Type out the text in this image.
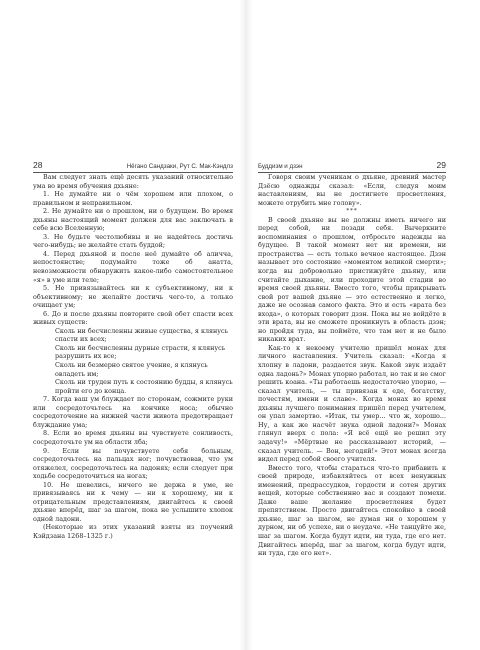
28	Нёгано Сандзаки, Рут С. Мак-Кэндлз

Вам следует знать ещё десять указаний относительно ума во время обучения дхьяне:

1. Не думайте ни о чём хорошем или плохом, о правильном и неправильном.

2. Не думайте ни о прошлом, ни о будущем. Во время дхьяны настоящий момент должен для вас заключать в себе всю Вселенную;

3. Не будьте честолюбивы и не надейтесь достичь чего-нибудь; не желайте стать буддой;

4. Перед дхьяной и после неё думайте об аличча, непостоянстве; подумайте тоже об анатта, невозможности обнаружить какое-либо самостоятельное «я» в уме или теле;

5. Не привязывайтесь ни к субъективному, ни к объективному; не желайте достичь чего-то, а только очищает ум;

6. До и после дхьяны повторите свой обет спасти всех живых существ:

Сколь ни бесчисленны живые существа, я клянусь спасти их всех;

Сколь ни бесчисленны дурные страсти, я клянусь разрушить их все;

Сколь ни безмерно святое учение, я клянусь овладеть им;

Сколь ни труден путь к состоянию будды, я клянусь пройти его до конца.

7. Когда ваш ум блуждает по сторонам, сожмите руки или сосредоточьтесь на кончике носа; обычно сосредоточение на нижней части живота предотвращает блуждание ума;

8. Если во время дхьяны вы чувствуете сонливость, сосредоточьте ум на области лба;

9. Если вы почувствуете себя больным, сосредоточьтесь на пальцах ног; почувствовав, что ум отяжелел, сосредоточьтесь на ладонях; если следует при ходьбе сосредоточиться на ногах;

10. Не шевелись, ничего не держа в уме, не привязываясь ни к чему — ни к хорошему, ни к отрицательным представлениям, двигайтесь к своей дхьяне вперёд, шаг за шагом, пока не услышите хлопок одной ладони.

(Некоторые из этих указаний взяты из поучений Кэйдзана 1268–1325 г.)

Буддизм и дзэн	29

Говоря своим ученикам о дхьяне, древний мастер Дзёсю однажды сказал: «Если, следуя моим наставлениям, вы не достигнете просветления, можете отрубить мне голову».

***

В своей дхьяне вы не должны иметь ничего ни перед собой, ни позади себя. Вычеркните воспоминания о прошлом, отбросьте надежды на будущее. В такой момент нет ни времени, ни пространства — есть только вечное настоящее. Дзэн называет это состояние «моментом великой смерти»; когда вы добровольно пристижуйте дхьяну, или считайте дыхание, или проходите этой стадии во время своей дхьяны. Вместо того, чтобы прикрывать свой рот вашей дхьяне — это естественно и легко, даже не осознав самого факта. Это и есть «врата без входа», о которых говорит дзэн. Пока вы не войдёте в эти врата, вы не сможете проникнуть в область дзэн; но пройдя туда, вы поймёте, что там нет и не было никаких врат.

Как-то к некоему учителю пришёл монах для личного наставления. Учитель сказал: «Когда я хлопну в ладони, раздается звук. Какой звук издаёт одна ладонь?» Монах упорно работал, но так и не смог решить коана. «Ты работаешь недостаточно упорно, — сказал учитель, — ты привязан к еде, богатству, почестям, имени и славе». Когда монах во время дхьяны лучшего понимания пришёл перед учителем, он упал замертво. «Итак, ты умер... что ж, хорошо... Ну, а как же насчёт звука одной ладони?» Монах глянул вверх с пола: «Я всё ещё не решил эту задачу!» «Мёртвые не рассказывают историй, — сказал учитель. — Вон, негодяй!» Этот монах всегда видел перед собой своего учителя.

Вместо того, чтобы стараться что-то прибавить к своей природе, избавляйтесь от всех ненужных именений, предрассудков, гордости и сотен других вещей, которые собственнно вас и создают помехи. Даже ваше желание просветления будет препятствием. Просто двигайтесь спокойно в своей дхьяне, шаг за шагом, не думая ни о хорошем у дурном, ни об успехе, ни о неудаче. «Не танцуйте же, шаг за шагом. Когда будут идти, ни туда, где его нет. Двигайтесь вперёд, шаг за шагом, когда будут идти, ни туда, где его нет».
